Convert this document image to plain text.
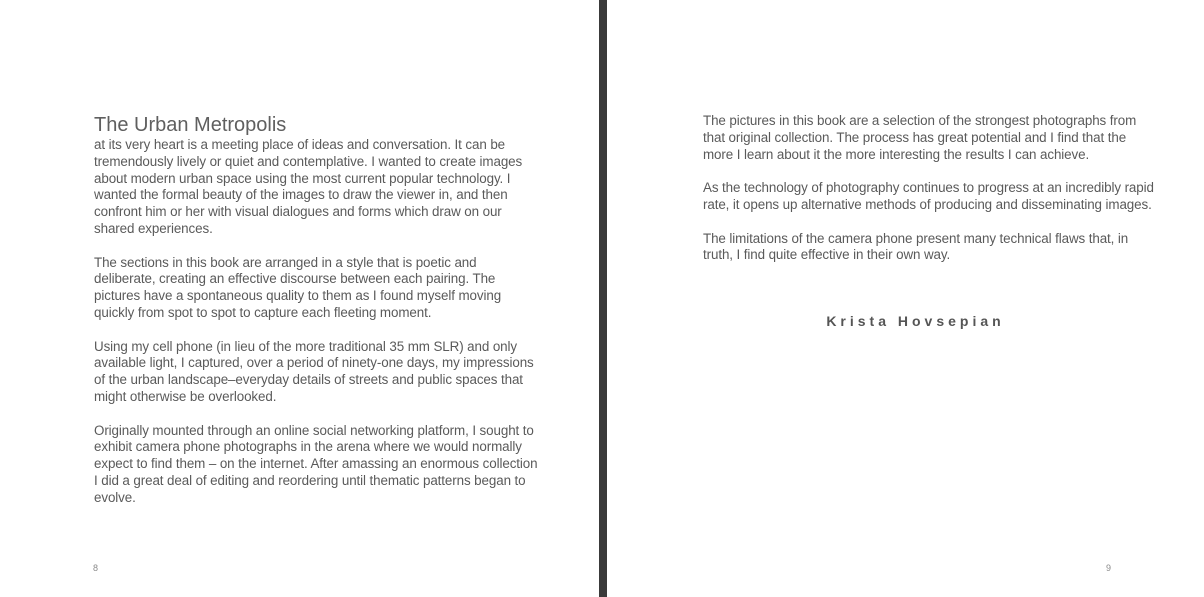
The Urban Metropolis

at its very heart is a meeting place of ideas and conversation. It can be tremendously lively or quiet and contemplative. I wanted to create images about modern urban space using the most current popular technology. I wanted the formal beauty of the images to draw the viewer in, and then confront him or her with visual dialogues and forms which draw on our shared experiences.

The sections in this book are arranged in a style that is poetic and deliberate, creating an effective discourse between each pairing. The pictures have a spontaneous quality to them as I found myself moving quickly from spot to spot to capture each fleeting moment.

Using my cell phone (in lieu of the more traditional 35 mm SLR) and only available light, I captured, over a period of ninety-one days, my impressions of the urban landscape–everyday details of streets and public spaces that might otherwise be overlooked.

Originally mounted through an online social networking platform, I sought to exhibit camera phone photographs in the arena where we would normally expect to find them – on the internet. After amassing an enormous collection I did a great deal of editing and reordering until thematic patterns began to evolve.

8

The pictures in this book are a selection of the strongest photographs from that original collection. The process has great potential and I find that the more I learn about it the more interesting the results I can achieve.

As the technology of photography continues to progress at an incredibly rapid rate, it opens up alternative methods of producing and disseminating images.

The limitations of the camera phone present many technical flaws that, in truth, I find quite effective in their own way.

Krista Hovsepian
9
